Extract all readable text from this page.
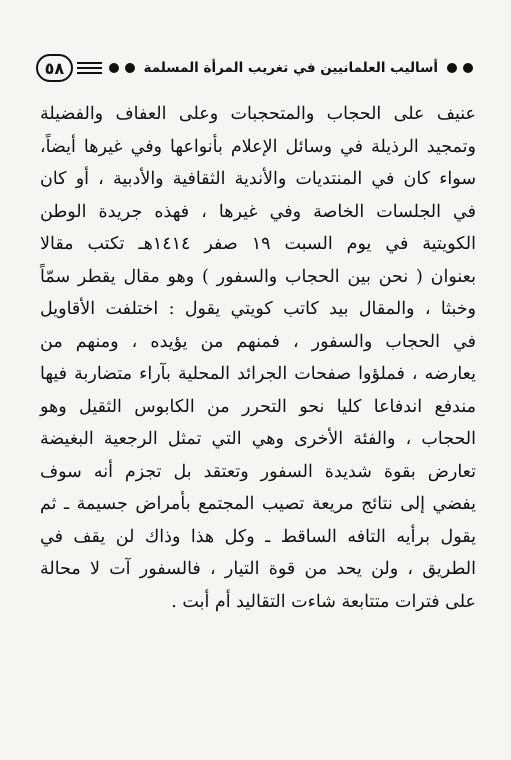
٥٨	أساليب العلمانيين في تغريب المرأة المسلمة
عنيف على الحجاب والمتحجبات وعلى العفاف والفضيلة
وتمجيد الرذيلة في وسائل الإعلام بأنواعها وفي غيرها أيضاً،
سواء كان في المنتديات والأندية الثقافية والأدبية ، أو كان
في الجلسات الخاصة وفي غيرها ، فهذه جريدة الوطن
الكويتية في يوم السبت ١٩ صفر ١٤١٤هـ تكتب مقالا
بعنوان ( نحن بين الحجاب والسفور ) وهو مقال يقطر سمّاً
وخبثا ، والمقال بيد كاتب كويتي يقول : اختلفت الأقاويل
في الحجاب والسفور ، فمنهم من يؤيده ، ومنهم من
يعارضه ، فملؤوا صفحات الجرائد المحلية بآراء متضاربة فيها
مندفع اندفاعا كليا نحو التحرر من الكابوس الثقيل وهو
الحجاب ، والفئة الأخرى وهي التي تمثل الرجعية البغيضة
تعارض بقوة شديدة السفور وتعتقد بل تجزم أنه سوف
يفضي إلى نتائج مريعة تصيب المجتمع بأمراض جسيمة ـ ثم
يقول برأيه التافه الساقط ـ وكل هذا وذاك لن يقف في
الطريق ، ولن يحد من قوة التيار ، فالسفور آت لا محالة
على فترات متتابعة شاءت التقاليد أم أبت .
